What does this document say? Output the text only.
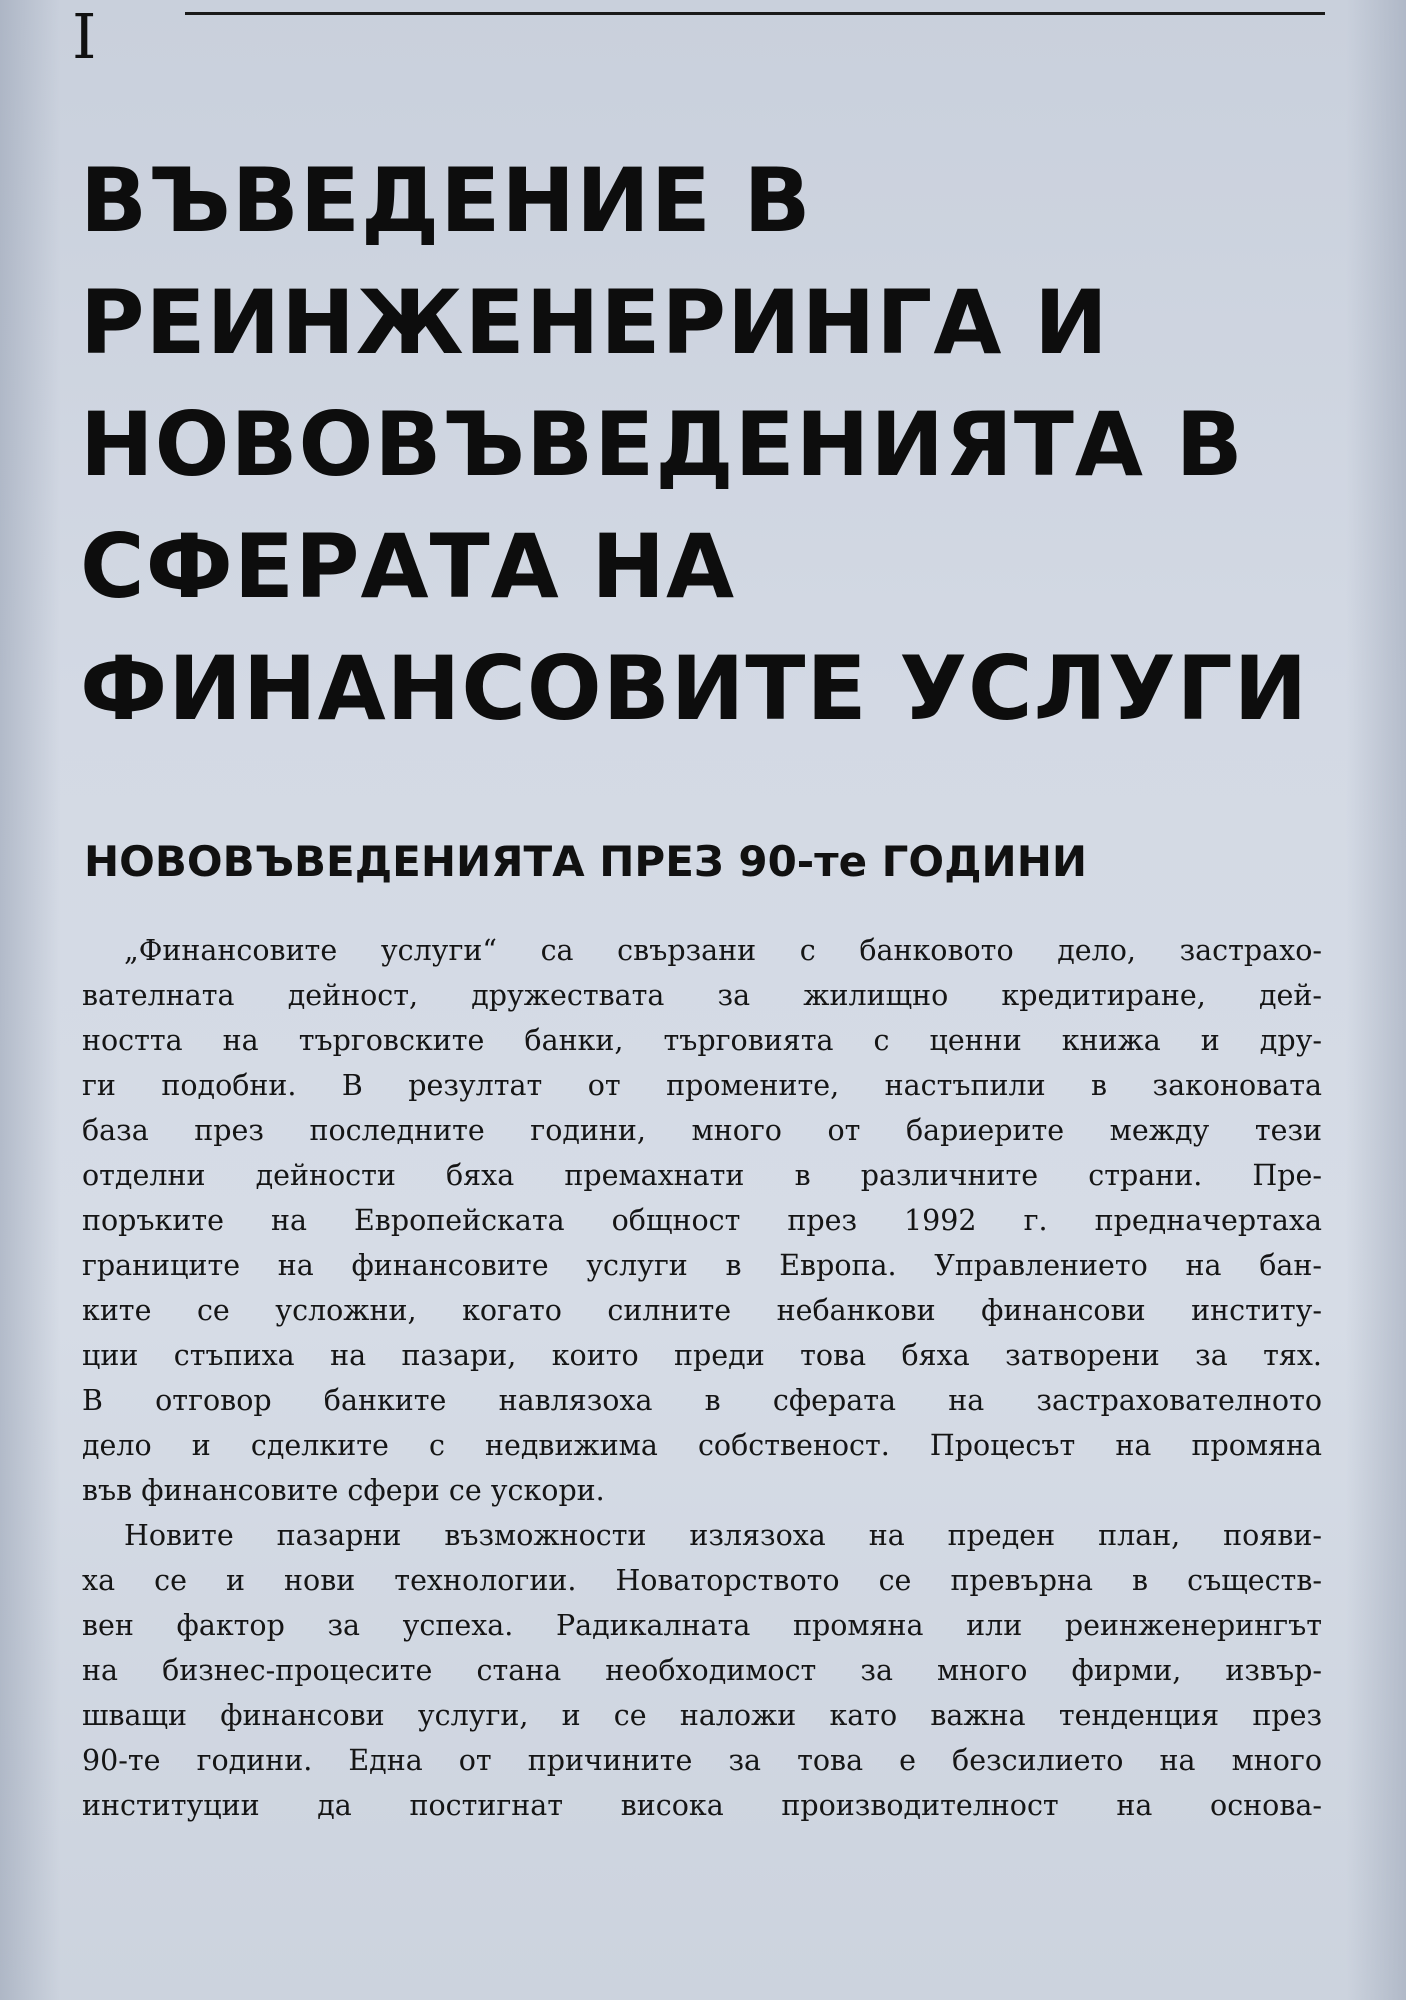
I
ВЪВЕДЕНИЕ В
РЕИНЖЕНЕРИНГА И
НОВОВЪВЕДЕНИЯТА В
СФЕРАТА НА
ФИНАНСОВИТЕ УСЛУГИ
НОВОВЪВЕДЕНИЯТА ПРЕЗ 90-те ГОДИНИ
„Финансовите услуги“ са свързани с банковото дело, застрахо-
вателната дейност, дружествата за жилищно кредитиране, дей-
ността на търговските банки, търговията с ценни книжа и дру-
ги подобни. В резултат от промените, настъпили в законовата
база през последните години, много от бариерите между тези
отделни дейности бяха премахнати в различните страни. Пре-
поръките на Европейската общност през 1992 г. предначертаха
границите на финансовите услуги в Европа. Управлението на бан-
ките се усложни, когато силните небанкови финансови институ-
ции стъпиха на пазари, които преди това бяха затворени за тях.
В отговор банките навлязоха в сферата на застрахователното
дело и сделките с недвижима собственост. Процесът на промяна
във финансовите сфери се ускори.
Новите пазарни възможности излязоха на преден план, появи-
ха се и нови технологии. Новаторството се превърна в съществ-
вен фактор за успеха. Радикалната промяна или реинженерингът
на бизнес-процесите стана необходимост за много фирми, извър-
шващи финансови услуги, и се наложи като важна тенденция през
90-те години. Една от причините за това е безсилието на много
институции да постигнат висока производителност на основа-
